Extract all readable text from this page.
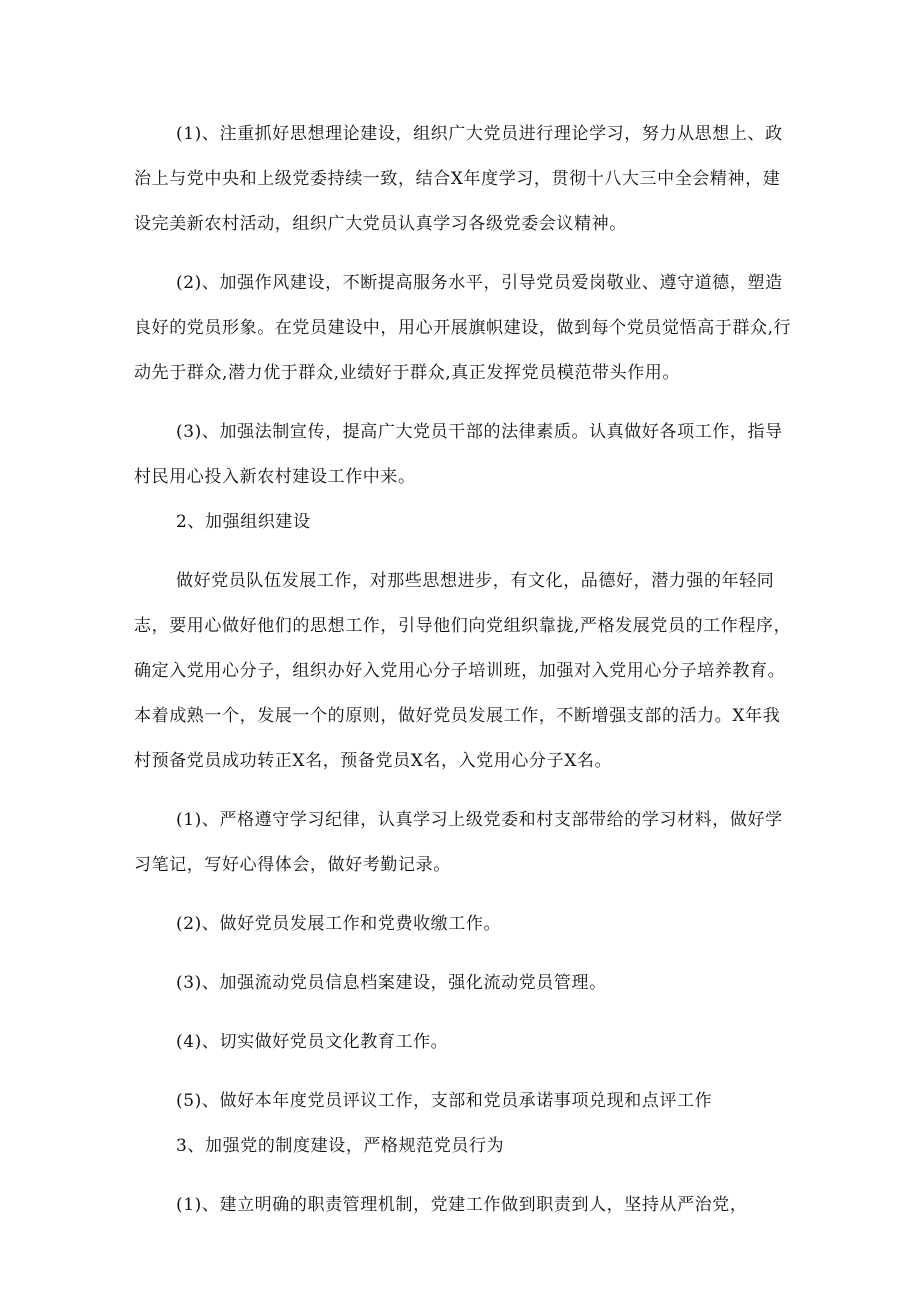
(1)、注重抓好思想理论建设，组织广大党员进行理论学习，努力从思想上、政治上与党中央和上级党委持续一致，结合X年度学习，贯彻十八大三中全会精神，建设完美新农村活动，组织广大党员认真学习各级党委会议精神。

(2)、加强作风建设，不断提高服务水平，引导党员爱岗敬业、遵守道德，塑造良好的党员形象。在党员建设中，用心开展旗帜建设，做到每个党员觉悟高于群众,行动先于群众,潜力优于群众,业绩好于群众,真正发挥党员模范带头作用。

(3)、加强法制宣传，提高广大党员干部的法律素质。认真做好各项工作，指导村民用心投入新农村建设工作中来。

2、加强组织建设

做好党员队伍发展工作，对那些思想进步，有文化，品德好，潜力强的年轻同志，要用心做好他们的思想工作，引导他们向党组织靠拢,严格发展党员的工作程序，确定入党用心分子，组织办好入党用心分子培训班，加强对入党用心分子培养教育。本着成熟一个，发展一个的原则，做好党员发展工作，不断增强支部的活力。X年我村预备党员成功转正X名，预备党员X名，入党用心分子X名。

(1)、严格遵守学习纪律，认真学习上级党委和村支部带给的学习材料，做好学习笔记，写好心得体会，做好考勤记录。

(2)、做好党员发展工作和党费收缴工作。

(3)、加强流动党员信息档案建设，强化流动党员管理。

(4)、切实做好党员文化教育工作。

(5)、做好本年度党员评议工作，支部和党员承诺事项兑现和点评工作

3、加强党的制度建设，严格规范党员行为

(1)、建立明确的职责管理机制，党建工作做到职责到人，坚持从严治党，
